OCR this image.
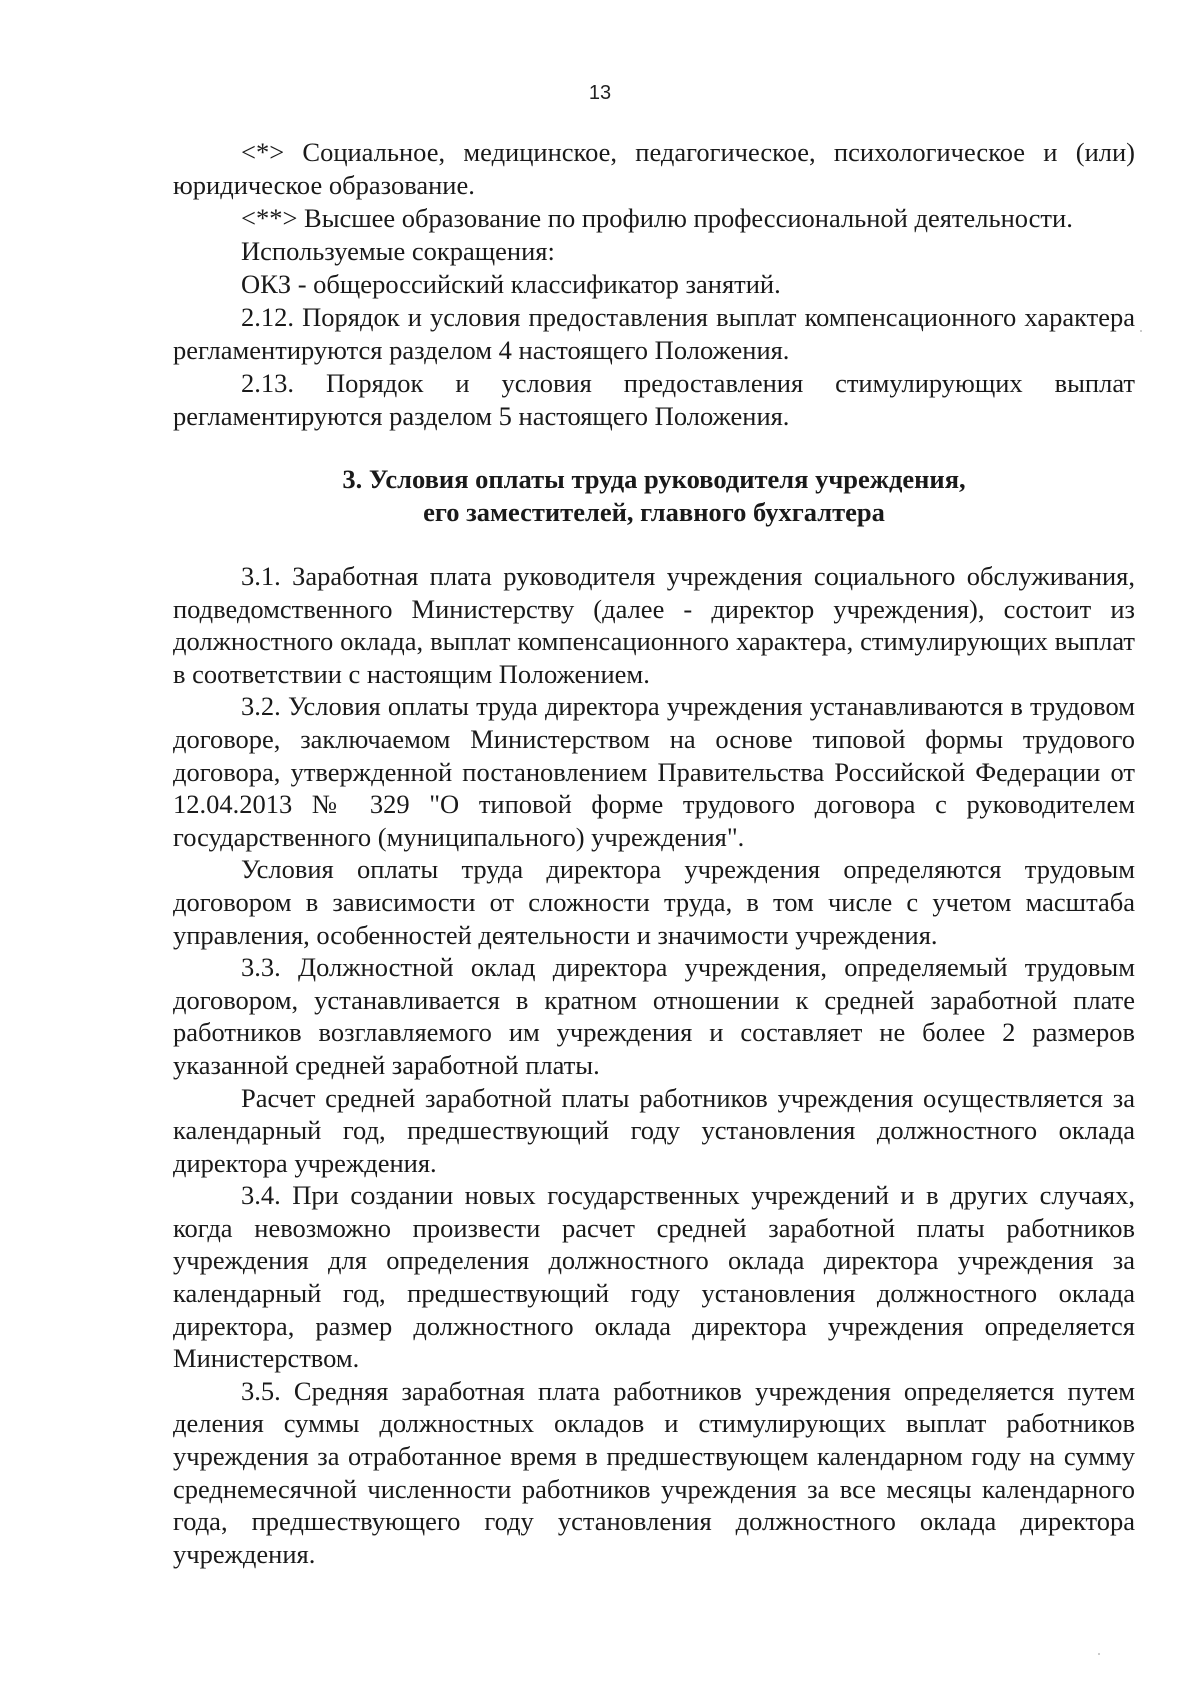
13

<*> Социальное, медицинское, педагогическое, психологическое и (или) юридическое образование.

<**> Высшее образование по профилю профессиональной деятельности.

Используемые сокращения:

ОКЗ - общероссийский классификатор занятий.

2.12. Порядок и условия предоставления выплат компенсационного характера регламентируются разделом 4 настоящего Положения.

2.13. Порядок и условия предоставления стимулирующих выплат регламентируются разделом 5 настоящего Положения.

3. Условия оплаты труда руководителя учреждения,
его заместителей, главного бухгалтера

3.1. Заработная плата руководителя учреждения социального обслуживания, подведомственного Министерству (далее - директор учреждения), состоит из должностного оклада, выплат компенсационного характера, стимулирующих выплат в соответствии с настоящим Положением.

3.2. Условия оплаты труда директора учреждения устанавливаются в трудовом договоре, заключаемом Министерством на основе типовой формы трудового договора, утвержденной постановлением Правительства Российской Федерации от 12.04.2013 № 329 "О типовой форме трудового договора с руководителем государственного (муниципального) учреждения".

Условия оплаты труда директора учреждения определяются трудовым договором в зависимости от сложности труда, в том числе с учетом масштаба управления, особенностей деятельности и значимости учреждения.

3.3. Должностной оклад директора учреждения, определяемый трудовым договором, устанавливается в кратном отношении к средней заработной плате работников возглавляемого им учреждения и составляет не более 2 размеров указанной средней заработной платы.

Расчет средней заработной платы работников учреждения осуществляется за календарный год, предшествующий году установления должностного оклада директора учреждения.

3.4. При создании новых государственных учреждений и в других случаях, когда невозможно произвести расчет средней заработной платы работников учреждения для определения должностного оклада директора учреждения за календарный год, предшествующий году установления должностного оклада директора, размер должностного оклада директора учреждения определяется Министерством.

3.5. Средняя заработная плата работников учреждения определяется путем деления суммы должностных окладов и стимулирующих выплат работников учреждения за отработанное время в предшествующем календарном году на сумму среднемесячной численности работников учреждения за все месяцы календарного года, предшествующего году установления должностного оклада директора учреждения.
